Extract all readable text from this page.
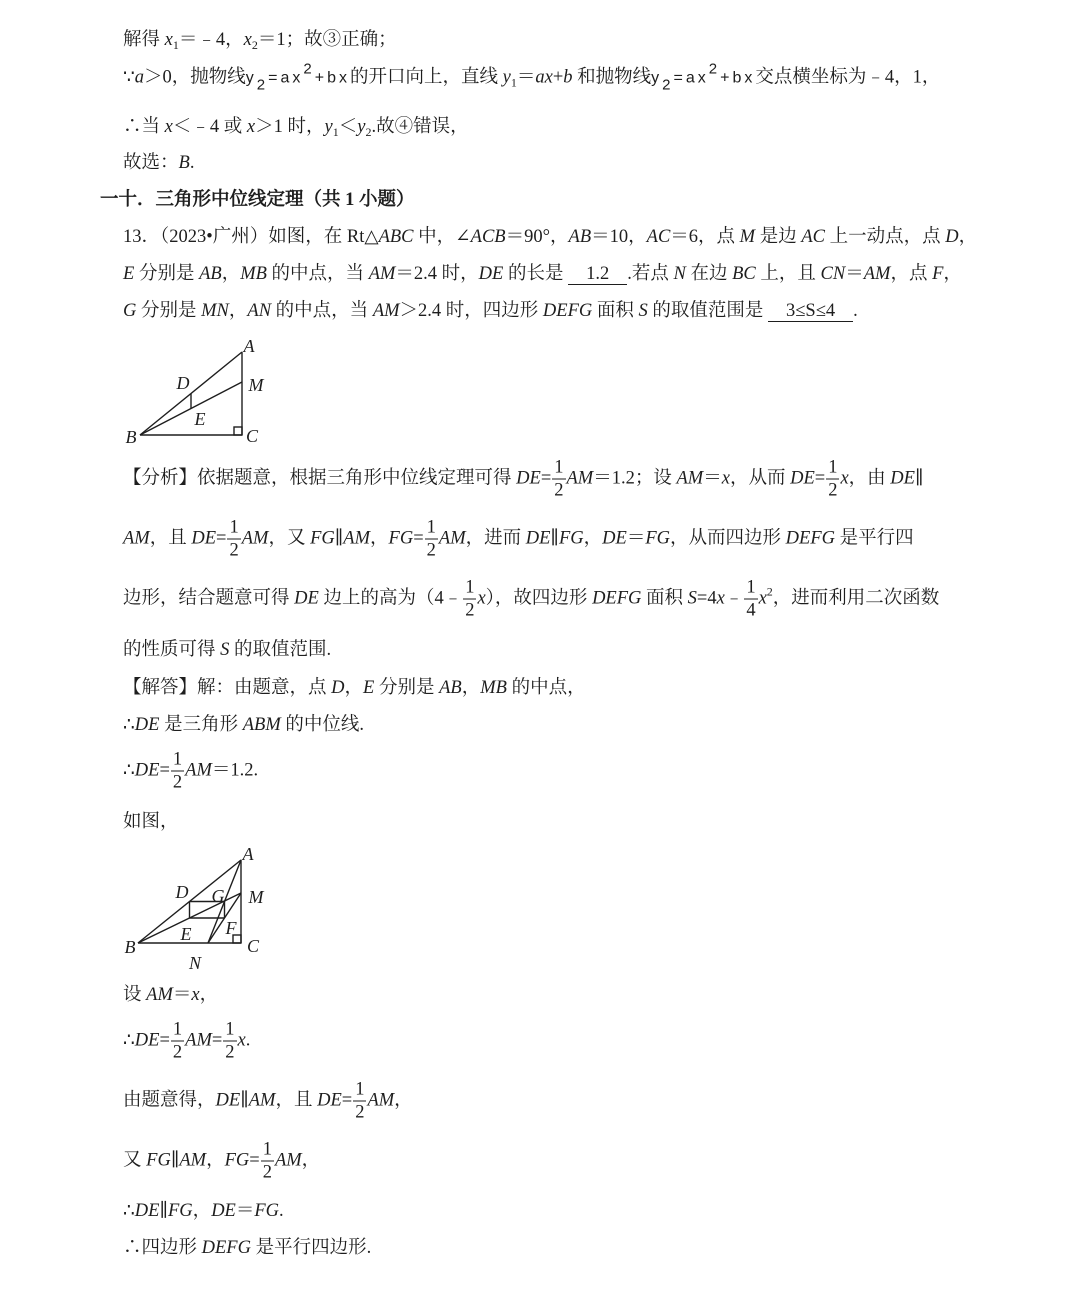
解得 $x_1=﹣4$，$x_2=1$；故③正确；
∵a＞0，抛物线$y_2=ax^2+bx$的开口向上，直线 $y_1=ax+b$ 和抛物线$y_2=ax^2+bx$交点横坐标为﹣4，1，
∴当 x＜﹣4 或 x＞1 时，$y_1<y_2$.故④错误，
故选：B.
一十．三角形中位线定理（共 1 小题）
13．（2023•广州）如图，在 Rt△ABC 中，∠ACB＝90°，AB＝10，AC＝6，点 M 是边 AC 上一动点，点 D，
E 分别是 AB，MB 的中点，当 AM＝2.4 时，DE 的长是 1.2 .若点 N 在边 BC 上，且 CN＝AM，点 F，
G 分别是 MN，AN 的中点，当 AM＞2.4 时，四边形 DEFG 面积 S 的取值范围是 3≤S≤4 .
A
B	C
M
D
E
【分析】依据题意，根据三角形中位线定理可得 $DE= \frac{1}{2} AM=1.2$；设 AM＝x，从而 $DE= \frac{1}{2}$ x，由 DE∥
AM，且 $DE= \frac{1}{2}$ AM，又 FG∥AM，$FG= \frac{1}{2}$ AM，进而 DE∥FG，DE＝FG，从而四边形 DEFG 是平行四
边形，结合题意可得 DE 边上的高为（4﹣ $\frac{1}{2} x$），故四边形 DEFG 面积 S=4x﹣ $\frac{1}{4} x^2$，进而利用二次函数
的性质可得 S 的取值范围.
【解答】解：由题意，点 D，E 分别是 AB，MB 的中点，
∴DE 是三角形 ABM 的中位线.
∴DE= $\frac{1}{2} AM=1.2$.
如图，
A
B	C
M
N
D G
E F
设 AM＝x，
∴DE= $\frac{1}{2} AM= \frac{1}{2} x$.
由题意得，DE∥AM，且 $DE= \frac{1}{2}$ AM，
又 FG∥AM，$FG= \frac{1}{2}$ AM，
∴DE∥FG，DE＝FG.
∴四边形 DEFG 是平行四边形.
